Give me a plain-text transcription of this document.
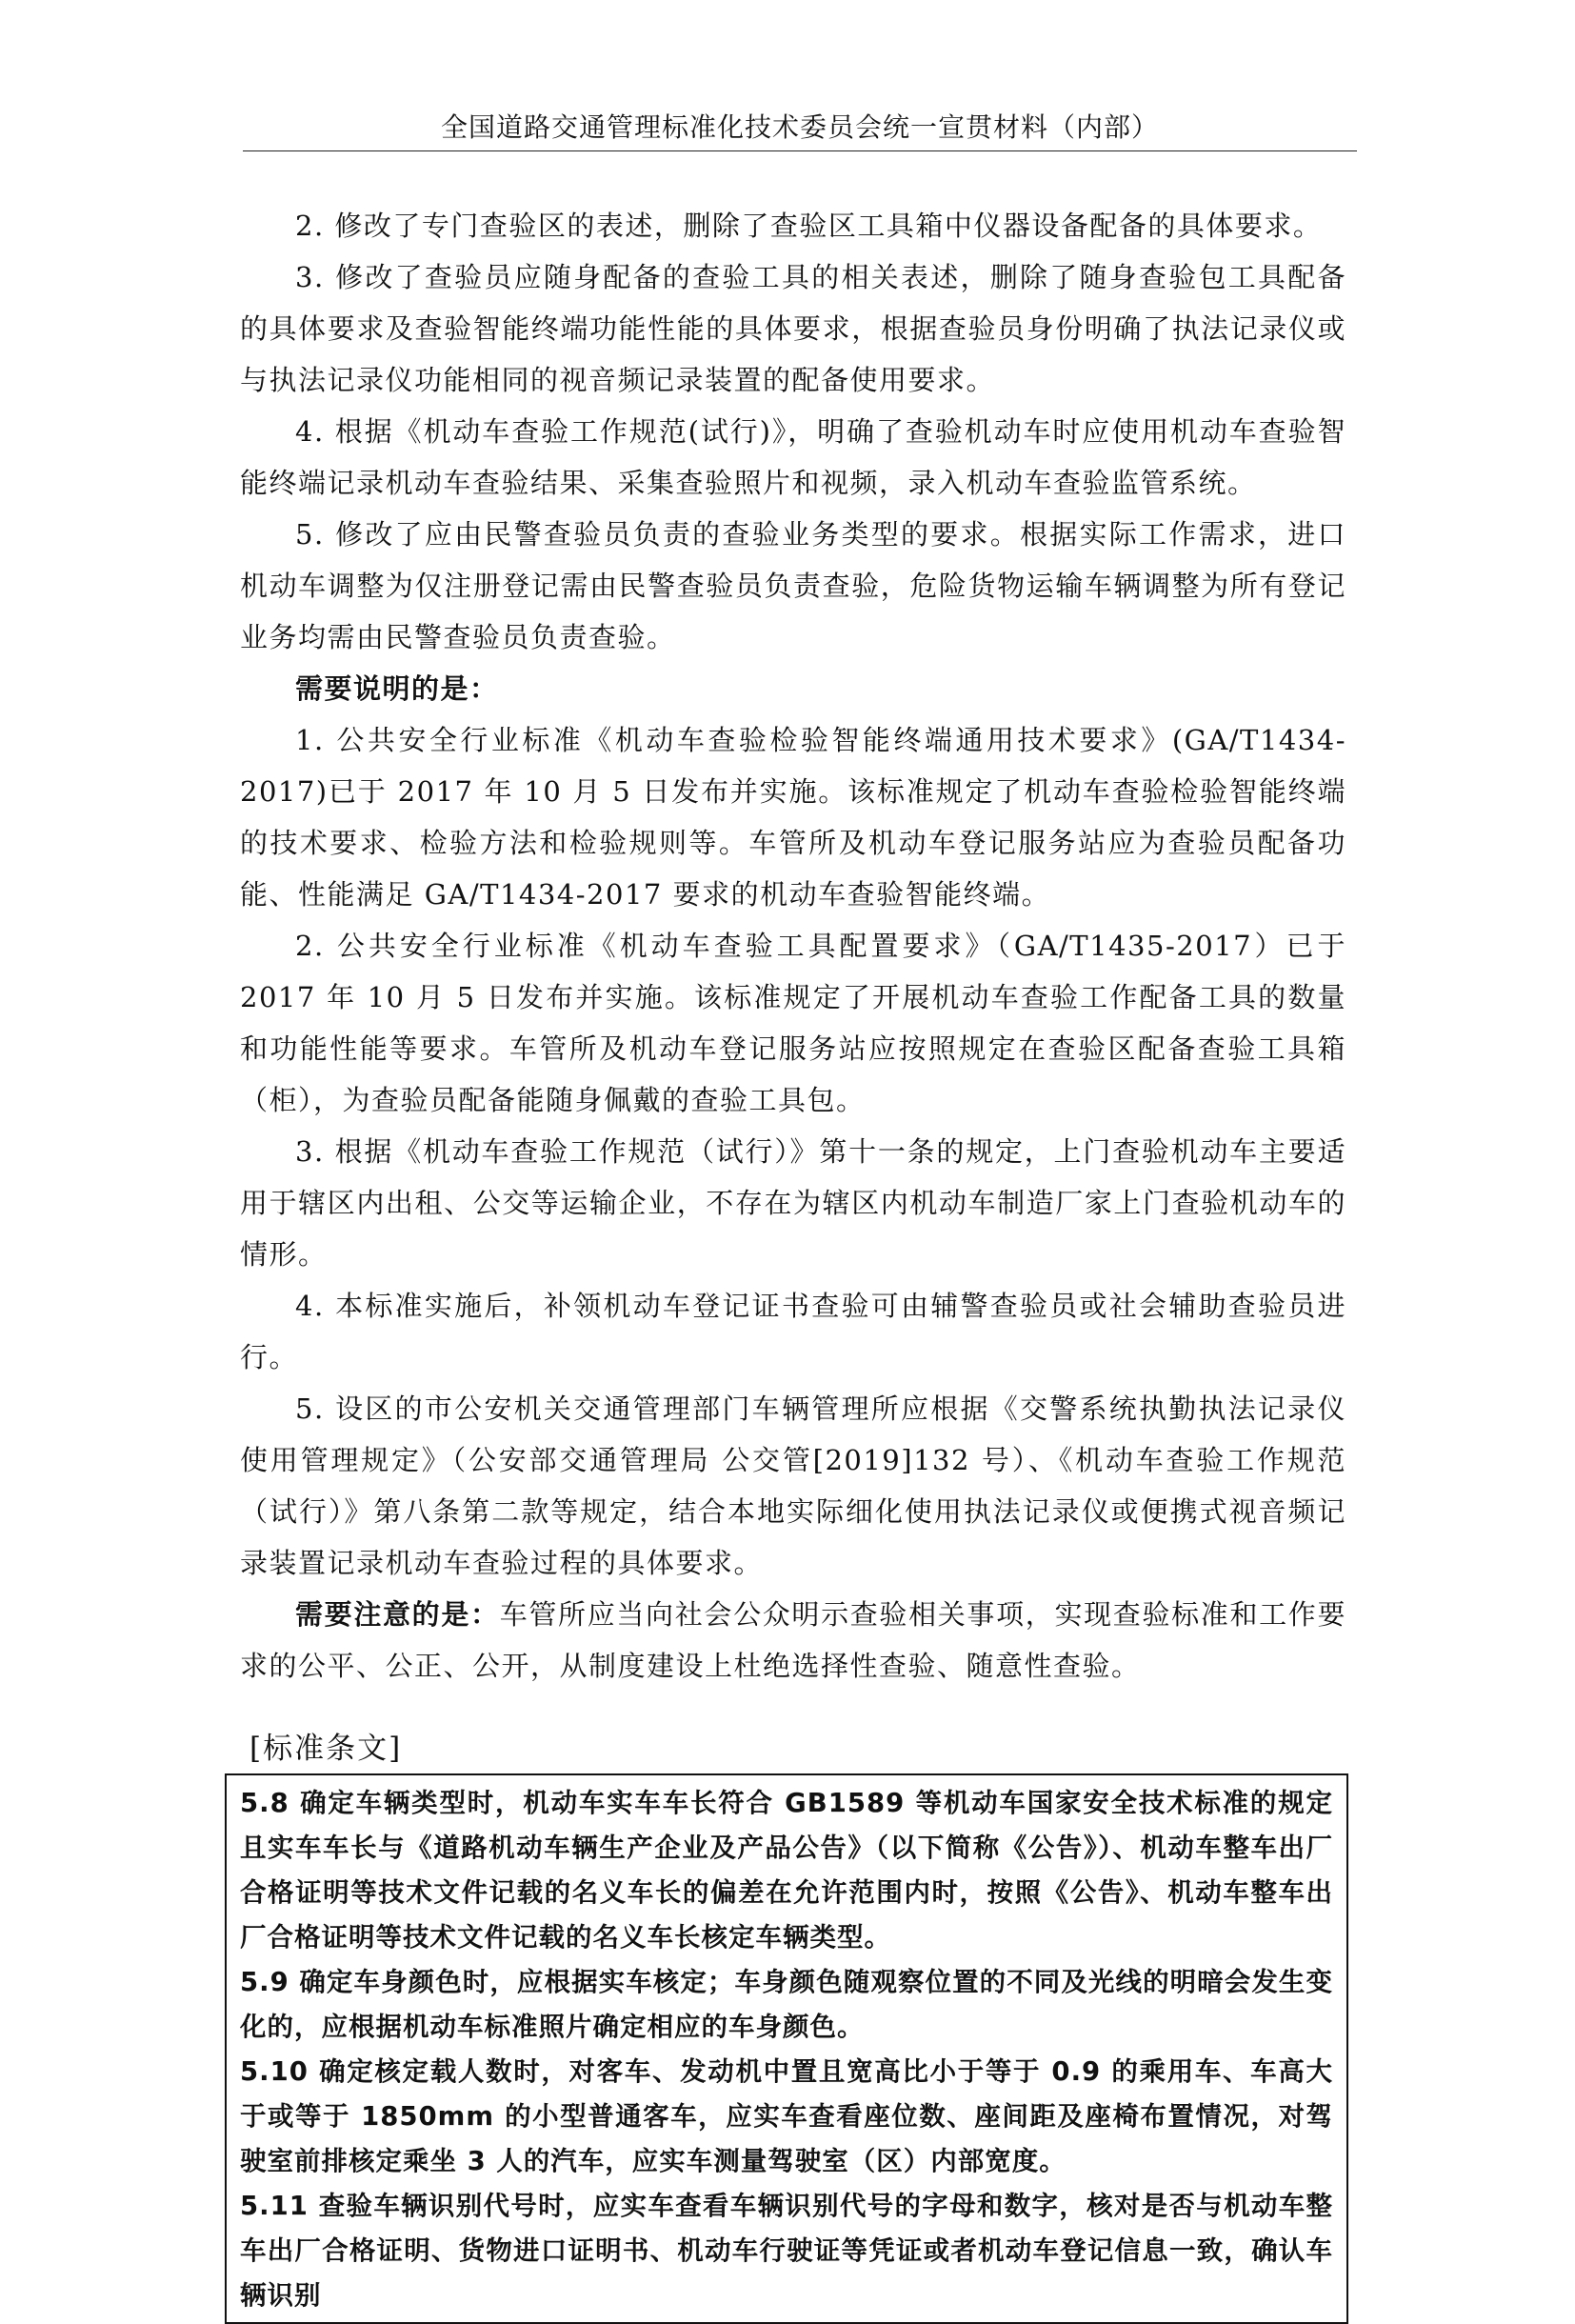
全国道路交通管理标准化技术委员会统一宣贯材料（内部）

2. 修改了专门查验区的表述，删除了查验区工具箱中仪器设备配备的具体要求。

3. 修改了查验员应随身配备的查验工具的相关表述，删除了随身查验包工具配备的具体要求及查验智能终端功能性能的具体要求，根据查验员身份明确了执法记录仪或与执法记录仪功能相同的视音频记录装置的配备使用要求。

4. 根据《机动车查验工作规范(试行)》，明确了查验机动车时应使用机动车查验智能终端记录机动车查验结果、采集查验照片和视频，录入机动车查验监管系统。

5. 修改了应由民警查验员负责的查验业务类型的要求。根据实际工作需求，进口机动车调整为仅注册登记需由民警查验员负责查验，危险货物运输车辆调整为所有登记业务均需由民警查验员负责查验。

需要说明的是：

1. 公共安全行业标准《机动车查验检验智能终端通用技术要求》(GA/T1434-2017)已于 2017 年 10 月 5 日发布并实施。该标准规定了机动车查验检验智能终端的技术要求、检验方法和检验规则等。车管所及机动车登记服务站应为查验员配备功能、性能满足 GA/T1434-2017 要求的机动车查验智能终端。

2. 公共安全行业标准《机动车查验工具配置要求》（GA/T1435-2017）已于 2017 年 10 月 5 日发布并实施。该标准规定了开展机动车查验工作配备工具的数量和功能性能等要求。车管所及机动车登记服务站应按照规定在查验区配备查验工具箱（柜），为查验员配备能随身佩戴的查验工具包。

3. 根据《机动车查验工作规范（试行）》第十一条的规定，上门查验机动车主要适用于辖区内出租、公交等运输企业，不存在为辖区内机动车制造厂家上门查验机动车的情形。

4. 本标准实施后，补领机动车登记证书查验可由辅警查验员或社会辅助查验员进行。

5. 设区的市公安机关交通管理部门车辆管理所应根据《交警系统执勤执法记录仪使用管理规定》（公安部交通管理局 公交管[2019]132 号）、《机动车查验工作规范（试行）》第八条第二款等规定，结合本地实际细化使用执法记录仪或便携式视音频记录装置记录机动车查验过程的具体要求。

需要注意的是：车管所应当向社会公众明示查验相关事项，实现查验标准和工作要求的公平、公正、公开，从制度建设上杜绝选择性查验、随意性查验。

[标准条文]

5.8 确定车辆类型时，机动车实车车长符合 GB1589 等机动车国家安全技术标准的规定且实车车长与《道路机动车辆生产企业及产品公告》（以下简称《公告》）、机动车整车出厂合格证明等技术文件记载的名义车长的偏差在允许范围内时，按照《公告》、机动车整车出厂合格证明等技术文件记载的名义车长核定车辆类型。

5.9 确定车身颜色时，应根据实车核定；车身颜色随观察位置的不同及光线的明暗会发生变化的，应根据机动车标准照片确定相应的车身颜色。

5.10 确定核定载人数时，对客车、发动机中置且宽高比小于等于 0.9 的乘用车、车高大于或等于 1850mm 的小型普通客车，应实车查看座位数、座间距及座椅布置情况，对驾驶室前排核定乘坐 3 人的汽车，应实车测量驾驶室（区）内部宽度。

5.11 查验车辆识别代号时，应实车查看车辆识别代号的字母和数字，核对是否与机动车整车出厂合格证明、货物进口证明书、机动车行驶证等凭证或者机动车登记信息一致，确认车辆识别
